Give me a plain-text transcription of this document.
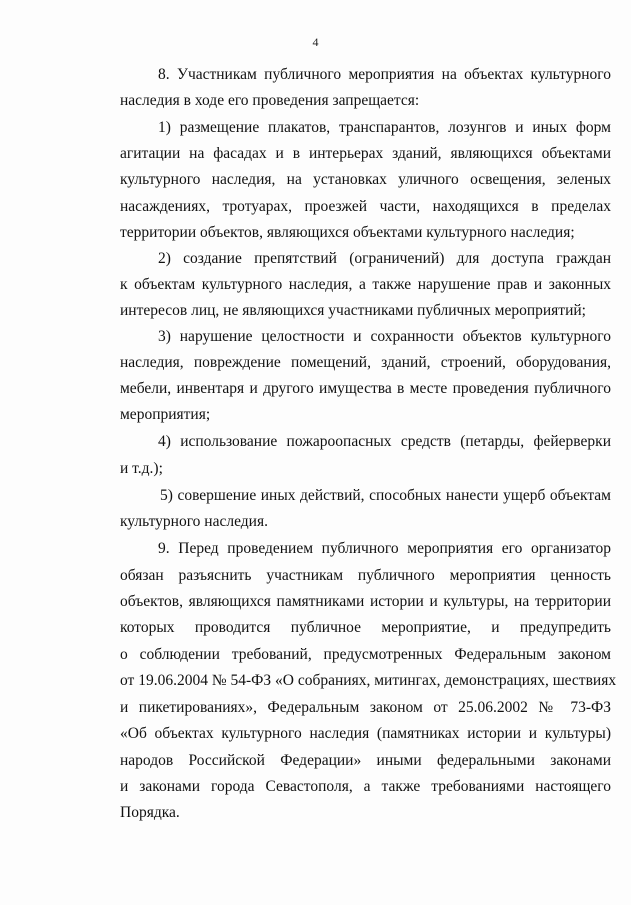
4
8. Участникам публичного мероприятия на объектах культурного
наследия в ходе его проведения запрещается:
1) размещение плакатов, транспарантов, лозунгов и иных форм
агитации на фасадах и в интерьерах зданий, являющихся объектами
культурного наследия, на установках уличного освещения, зеленых
насаждениях, тротуарах, проезжей части, находящихся в пределах
территории объектов, являющихся объектами культурного наследия;
2) создание препятствий (ограничений) для доступа граждан
к объектам культурного наследия, а также нарушение прав и законных
интересов лиц, не являющихся участниками публичных мероприятий;
3) нарушение целостности и сохранности объектов культурного
наследия, повреждение помещений, зданий, строений, оборудования,
мебели, инвентаря и другого имущества в месте проведения публичного
мероприятия;
4) использование пожароопасных средств (петарды, фейерверки
и т.д.);
5) совершение иных действий, способных нанести ущерб объектам
культурного наследия.
9. Перед проведением публичного мероприятия его организатор
обязан разъяснить участникам публичного мероприятия ценность
объектов, являющихся памятниками истории и культуры, на территории
которых проводится публичное мероприятие, и предупредить
о соблюдении требований, предусмотренных Федеральным законом
от 19.06.2004 № 54-ФЗ «О собраниях, митингах, демонстрациях, шествиях
и пикетированиях», Федеральным законом от 25.06.2002 № 73-ФЗ
«Об объектах культурного наследия (памятниках истории и культуры)
народов Российской Федерации» иными федеральными законами
и законами города Севастополя, а также требованиями настоящего
Порядка.
